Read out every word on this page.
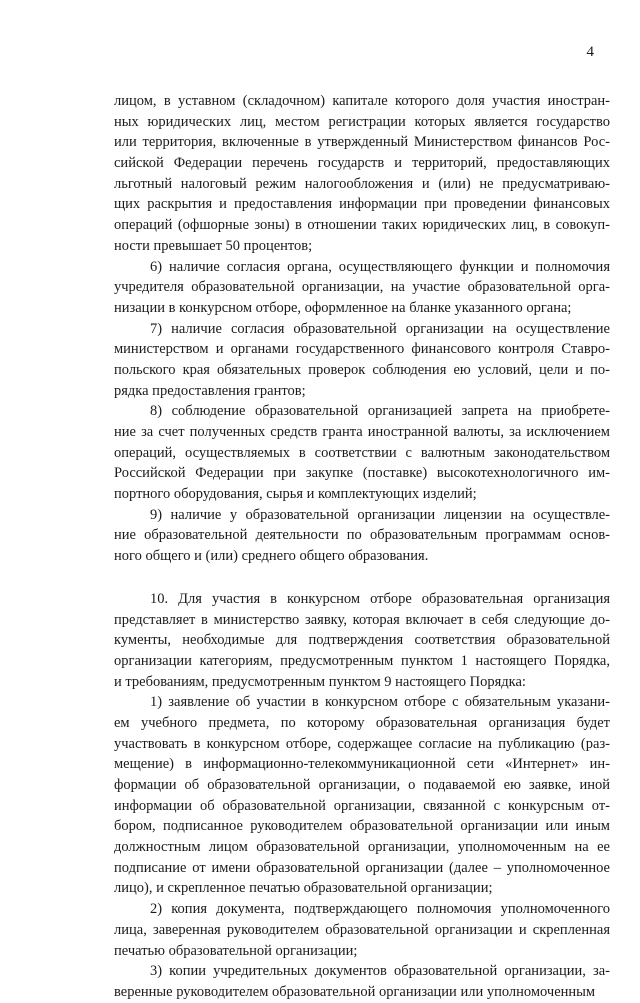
4
лицом, в уставном (складочном) капитале которого доля участия иностран-
ных юридических лиц, местом регистрации которых является государство
или территория, включенные в утвержденный Министерством финансов Рос-
сийской Федерации перечень государств и территорий, предоставляющих
льготный налоговый режим налогообложения и (или) не предусматриваю-
щих раскрытия и предоставления информации при проведении финансовых
операций (офшорные зоны) в отношении таких юридических лиц, в совокуп-
ности превышает 50 процентов;
6) наличие согласия органа, осуществляющего функции и полномочия
учредителя образовательной организации, на участие образовательной орга-
низации в конкурсном отборе, оформленное на бланке указанного органа;
7) наличие согласия образовательной организации на осуществление
министерством и органами государственного финансового контроля Ставро-
польского края обязательных проверок соблюдения ею условий, цели и по-
рядка предоставления грантов;
8) соблюдение образовательной организацией запрета на приобрете-
ние за счет полученных средств гранта иностранной валюты, за исключением
операций, осуществляемых в соответствии с валютным законодательством
Российской Федерации при закупке (поставке) высокотехнологичного им-
портного оборудования, сырья и комплектующих изделий;
9) наличие у образовательной организации лицензии на осуществле-
ние образовательной деятельности по образовательным программам основ-
ного общего и (или) среднего общего образования.
10. Для участия в конкурсном отборе образовательная организация
представляет в министерство заявку, которая включает в себя следующие до-
кументы, необходимые для подтверждения соответствия образовательной
организации категориям, предусмотренным пунктом 1 настоящего Порядка,
и требованиям, предусмотренным пунктом 9 настоящего Порядка:
1) заявление об участии в конкурсном отборе с обязательным указани-
ем учебного предмета, по которому образовательная организация будет
участвовать в конкурсном отборе, содержащее согласие на публикацию (раз-
мещение) в информационно-телекоммуникационной сети «Интернет» ин-
формации об образовательной организации, о подаваемой ею заявке, иной
информации об образовательной организации, связанной с конкурсным от-
бором, подписанное руководителем образовательной организации или иным
должностным лицом образовательной организации, уполномоченным на ее
подписание от имени образовательной организации (далее – уполномоченное
лицо), и скрепленное печатью образовательной организации;
2) копия документа, подтверждающего полномочия уполномоченного
лица, заверенная руководителем образовательной организации и скрепленная
печатью образовательной организации;
3) копии учредительных документов образовательной организации, за-
веренные руководителем образовательной организации или уполномоченным
